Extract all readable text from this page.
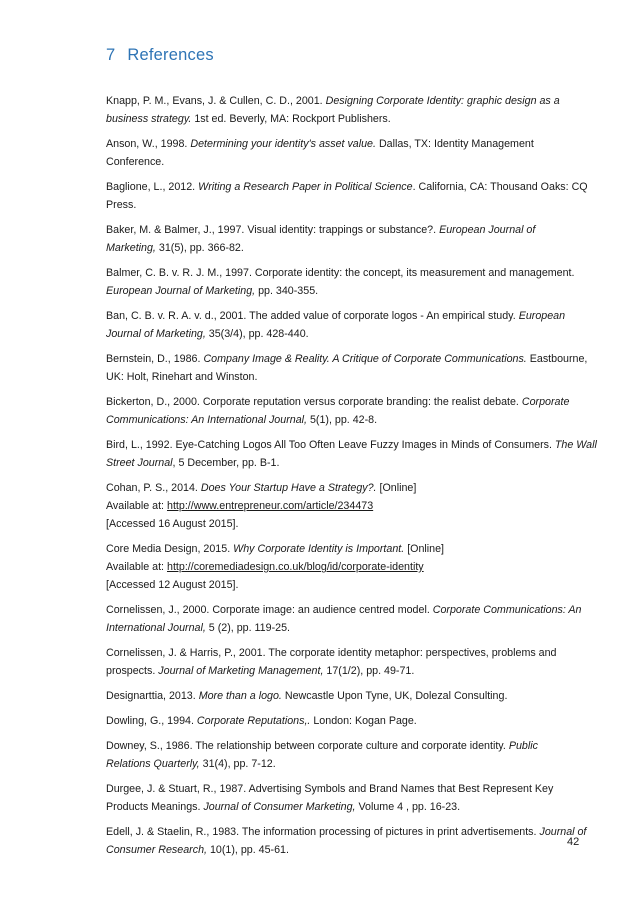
7 References
Knapp, P. M., Evans, J. & Cullen, C. D., 2001. Designing Corporate Identity: graphic design as a
business strategy. 1st ed. Beverly, MA: Rockport Publishers.
Anson, W., 1998. Determining your identity's asset value. Dallas, TX: Identity Management
Conference.
Baglione, L., 2012. Writing a Research Paper in Political Science. California, CA: Thousand Oaks: CQ
Press.
Baker, M. & Balmer, J., 1997. Visual identity: trappings or substance?. European Journal of
Marketing, 31(5), pp. 366-82.
Balmer, C. B. v. R. J. M., 1997. Corporate identity: the concept, its measurement and management.
European Journal of Marketing, pp. 340-355.
Ban, C. B. v. R. A. v. d., 2001. The added value of corporate logos - An empirical study. European
Journal of Marketing, 35(3/4), pp. 428-440.
Bernstein, D., 1986. Company Image & Reality. A Critique of Corporate Communications. Eastbourne,
UK: Holt, Rinehart and Winston.
Bickerton, D., 2000. Corporate reputation versus corporate branding: the realist debate. Corporate
Communications: An International Journal, 5(1), pp. 42-8.
Bird, L., 1992. Eye-Catching Logos All Too Often Leave Fuzzy Images in Minds of Consumers. The Wall
Street Journal, 5 December, pp. B-1.
Cohan, P. S., 2014. Does Your Startup Have a Strategy?. [Online]
Available at: http://www.entrepreneur.com/article/234473
[Accessed 16 August 2015].
Core Media Design, 2015. Why Corporate Identity is Important. [Online]
Available at: http://coremediadesign.co.uk/blog/id/corporate-identity
[Accessed 12 August 2015].
Cornelissen, J., 2000. Corporate image: an audience centred model. Corporate Communications: An
International Journal, 5 (2), pp. 119-25.
Cornelissen, J. & Harris, P., 2001. The corporate identity metaphor: perspectives, problems and
prospects. Journal of Marketing Management, 17(1/2), pp. 49-71.
Designarttia, 2013. More than a logo. Newcastle Upon Tyne, UK, Dolezal Consulting.
Dowling, G., 1994. Corporate Reputations,. London: Kogan Page.
Downey, S., 1986. The relationship between corporate culture and corporate identity. Public
Relations Quarterly, 31(4), pp. 7-12.
Durgee, J. & Stuart, R., 1987. Advertising Symbols and Brand Names that Best Represent Key
Products Meanings. Journal of Consumer Marketing, Volume 4 , pp. 16-23.
Edell, J. & Staelin, R., 1983. The information processing of pictures in print advertisements. Journal of
Consumer Research, 10(1), pp. 45-61.
42
